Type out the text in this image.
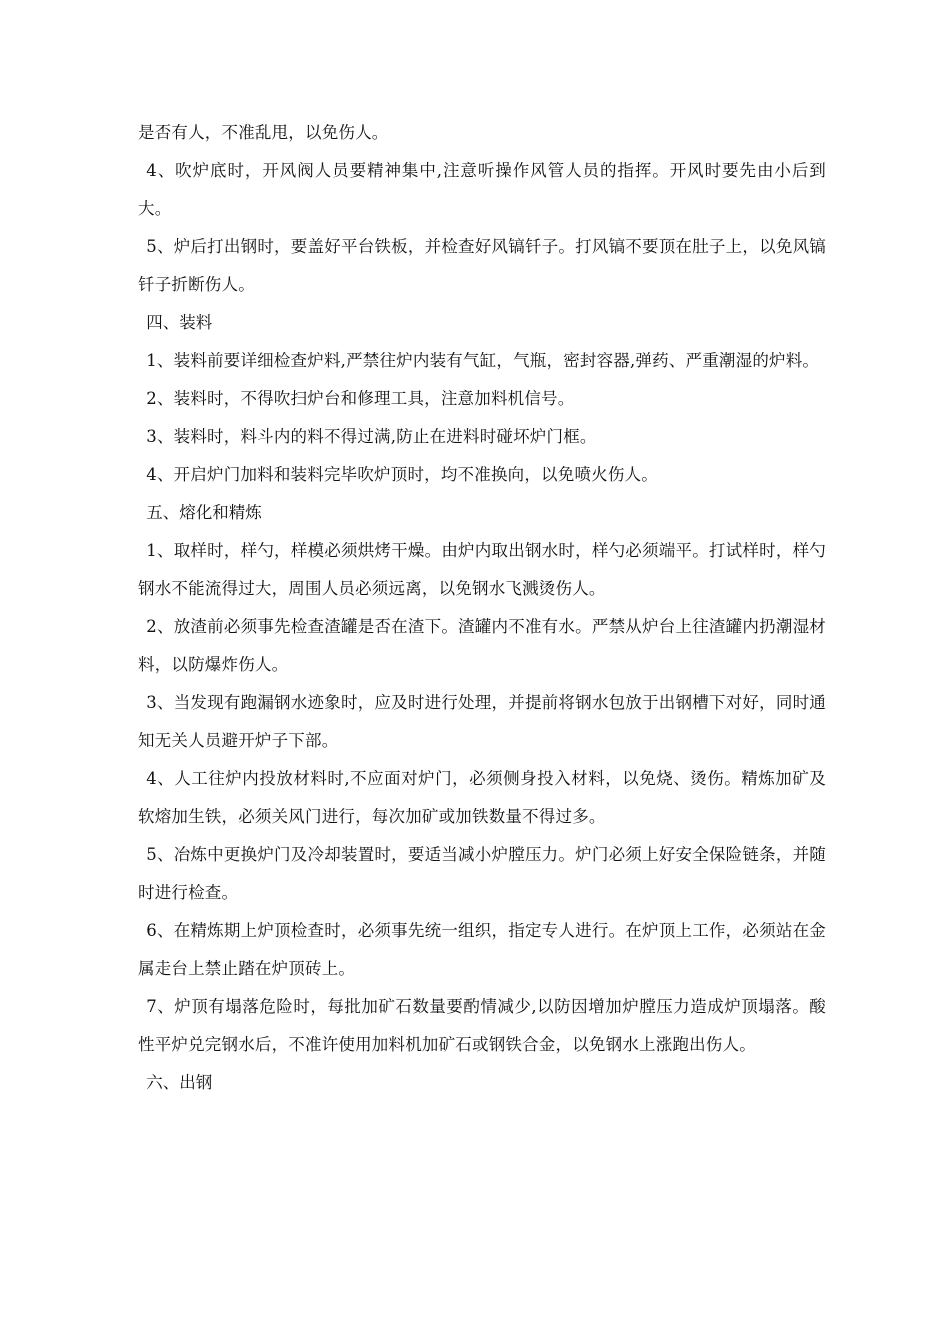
是否有人，不准乱甩，以免伤人。

4、吹炉底时，开风阀人员要精神集中,注意听操作风管人员的指挥。开风时要先由小后到大。

5、炉后打出钢时，要盖好平台铁板，并检查好风镐钎子。打风镐不要顶在肚子上，以免风镐钎子折断伤人。

四、装料

1、装料前要详细检查炉料,严禁往炉内装有气缸，气瓶，密封容器,弹药、严重潮湿的炉料。

2、装料时，不得吹扫炉台和修理工具，注意加料机信号。

3、装料时，料斗内的料不得过满,防止在进料时碰坏炉门框。

4、开启炉门加料和装料完毕吹炉顶时，均不准换向，以免喷火伤人。

五、熔化和精炼

1、取样时，样勺，样模必须烘烤干燥。由炉内取出钢水时，样勺必须端平。打试样时，样勺钢水不能流得过大，周围人员必须远离，以免钢水飞溅烫伤人。

2、放渣前必须事先检查渣罐是否在渣下。渣罐内不准有水。严禁从炉台上往渣罐内扔潮湿材料，以防爆炸伤人。

3、当发现有跑漏钢水迹象时，应及时进行处理，并提前将钢水包放于出钢槽下对好，同时通知无关人员避开炉子下部。

4、人工往炉内投放材料时,不应面对炉门，必须侧身投入材料，以免烧、烫伤。精炼加矿及软熔加生铁，必须关风门进行，每次加矿或加铁数量不得过多。

5、冶炼中更换炉门及冷却装置时，要适当减小炉膛压力。炉门必须上好安全保险链条，并随时进行检查。

6、在精炼期上炉顶检查时，必须事先统一组织，指定专人进行。在炉顶上工作，必须站在金属走台上禁止踏在炉顶砖上。

7、炉顶有塌落危险时，每批加矿石数量要酌情减少,以防因增加炉膛压力造成炉顶塌落。酸性平炉兑完钢水后，不准许使用加料机加矿石或钢铁合金，以免钢水上涨跑出伤人。

六、出钢
